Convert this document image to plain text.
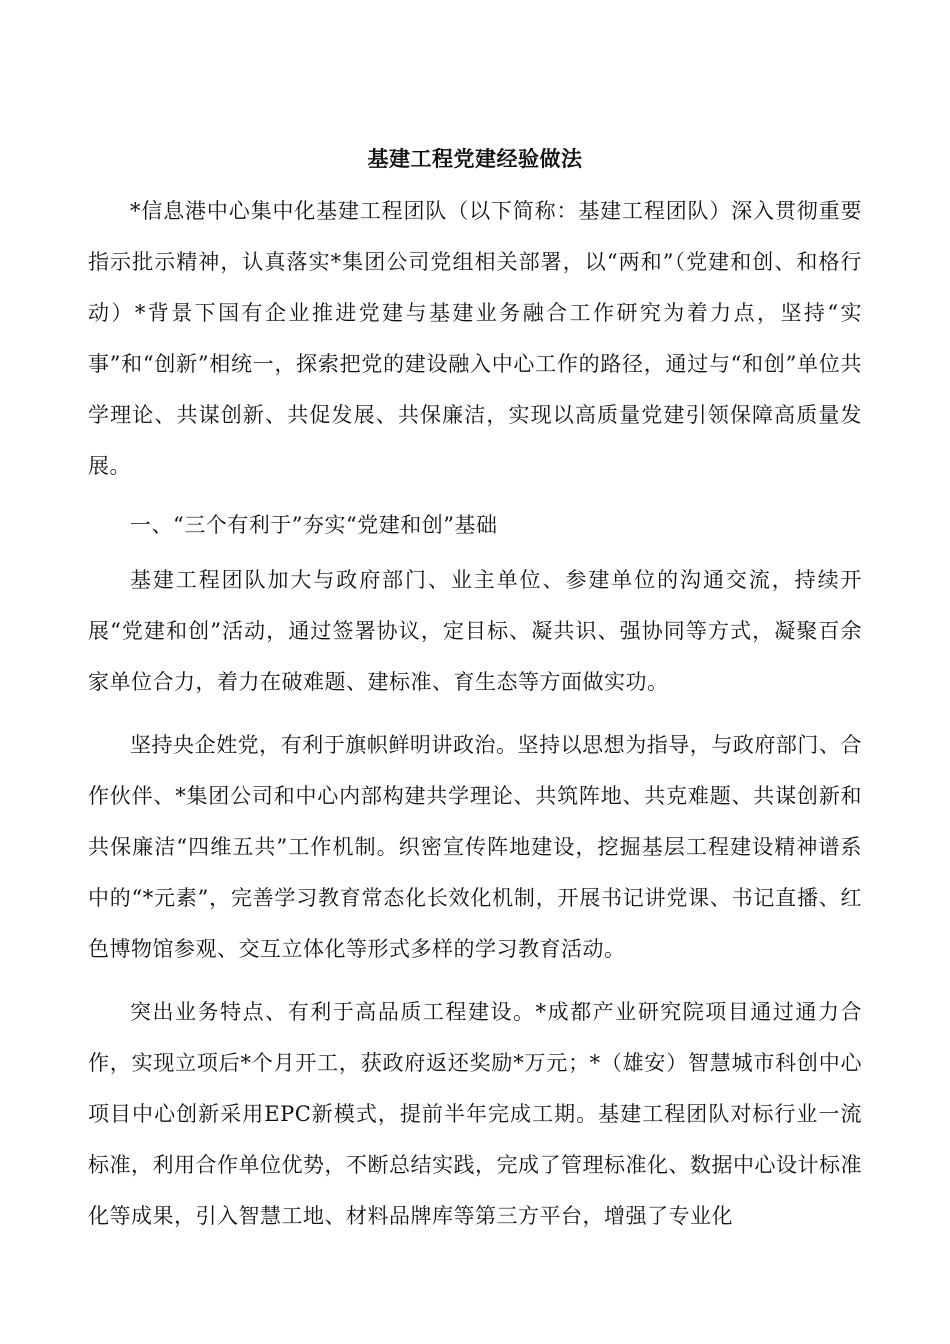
基建工程党建经验做法

*信息港中心集中化基建工程团队（以下简称：基建工程团队）深入贯彻重要指示批示精神，认真落实*集团公司党组相关部署，以“两和”（党建和创、和格行动）*背景下国有企业推进党建与基建业务融合工作研究为着力点，坚持“实事”和“创新”相统一，探索把党的建设融入中心工作的路径，通过与“和创”单位共学理论、共谋创新、共促发展、共保廉洁，实现以高质量党建引领保障高质量发展。

一、“三个有利于”夯实“党建和创”基础

基建工程团队加大与政府部门、业主单位、参建单位的沟通交流，持续开展“党建和创”活动，通过签署协议，定目标、凝共识、强协同等方式，凝聚百余家单位合力，着力在破难题、建标准、育生态等方面做实功。

坚持央企姓党，有利于旗帜鲜明讲政治。坚持以思想为指导，与政府部门、合作伙伴、*集团公司和中心内部构建共学理论、共筑阵地、共克难题、共谋创新和共保廉洁“四维五共”工作机制。织密宣传阵地建设，挖掘基层工程建设精神谱系中的“*元素”，完善学习教育常态化长效化机制，开展书记讲党课、书记直播、红色博物馆参观、交互立体化等形式多样的学习教育活动。

突出业务特点、有利于高品质工程建设。*成都产业研究院项目通过通力合作，实现立项后*个月开工，获政府返还奖励*万元；*（雄安）智慧城市科创中心项目中心创新采用EPC新模式，提前半年完成工期。基建工程团队对标行业一流标准，利用合作单位优势，不断总结实践，完成了管理标准化、数据中心设计标准化等成果，引入智慧工地、材料品牌库等第三方平台，增强了专业化
